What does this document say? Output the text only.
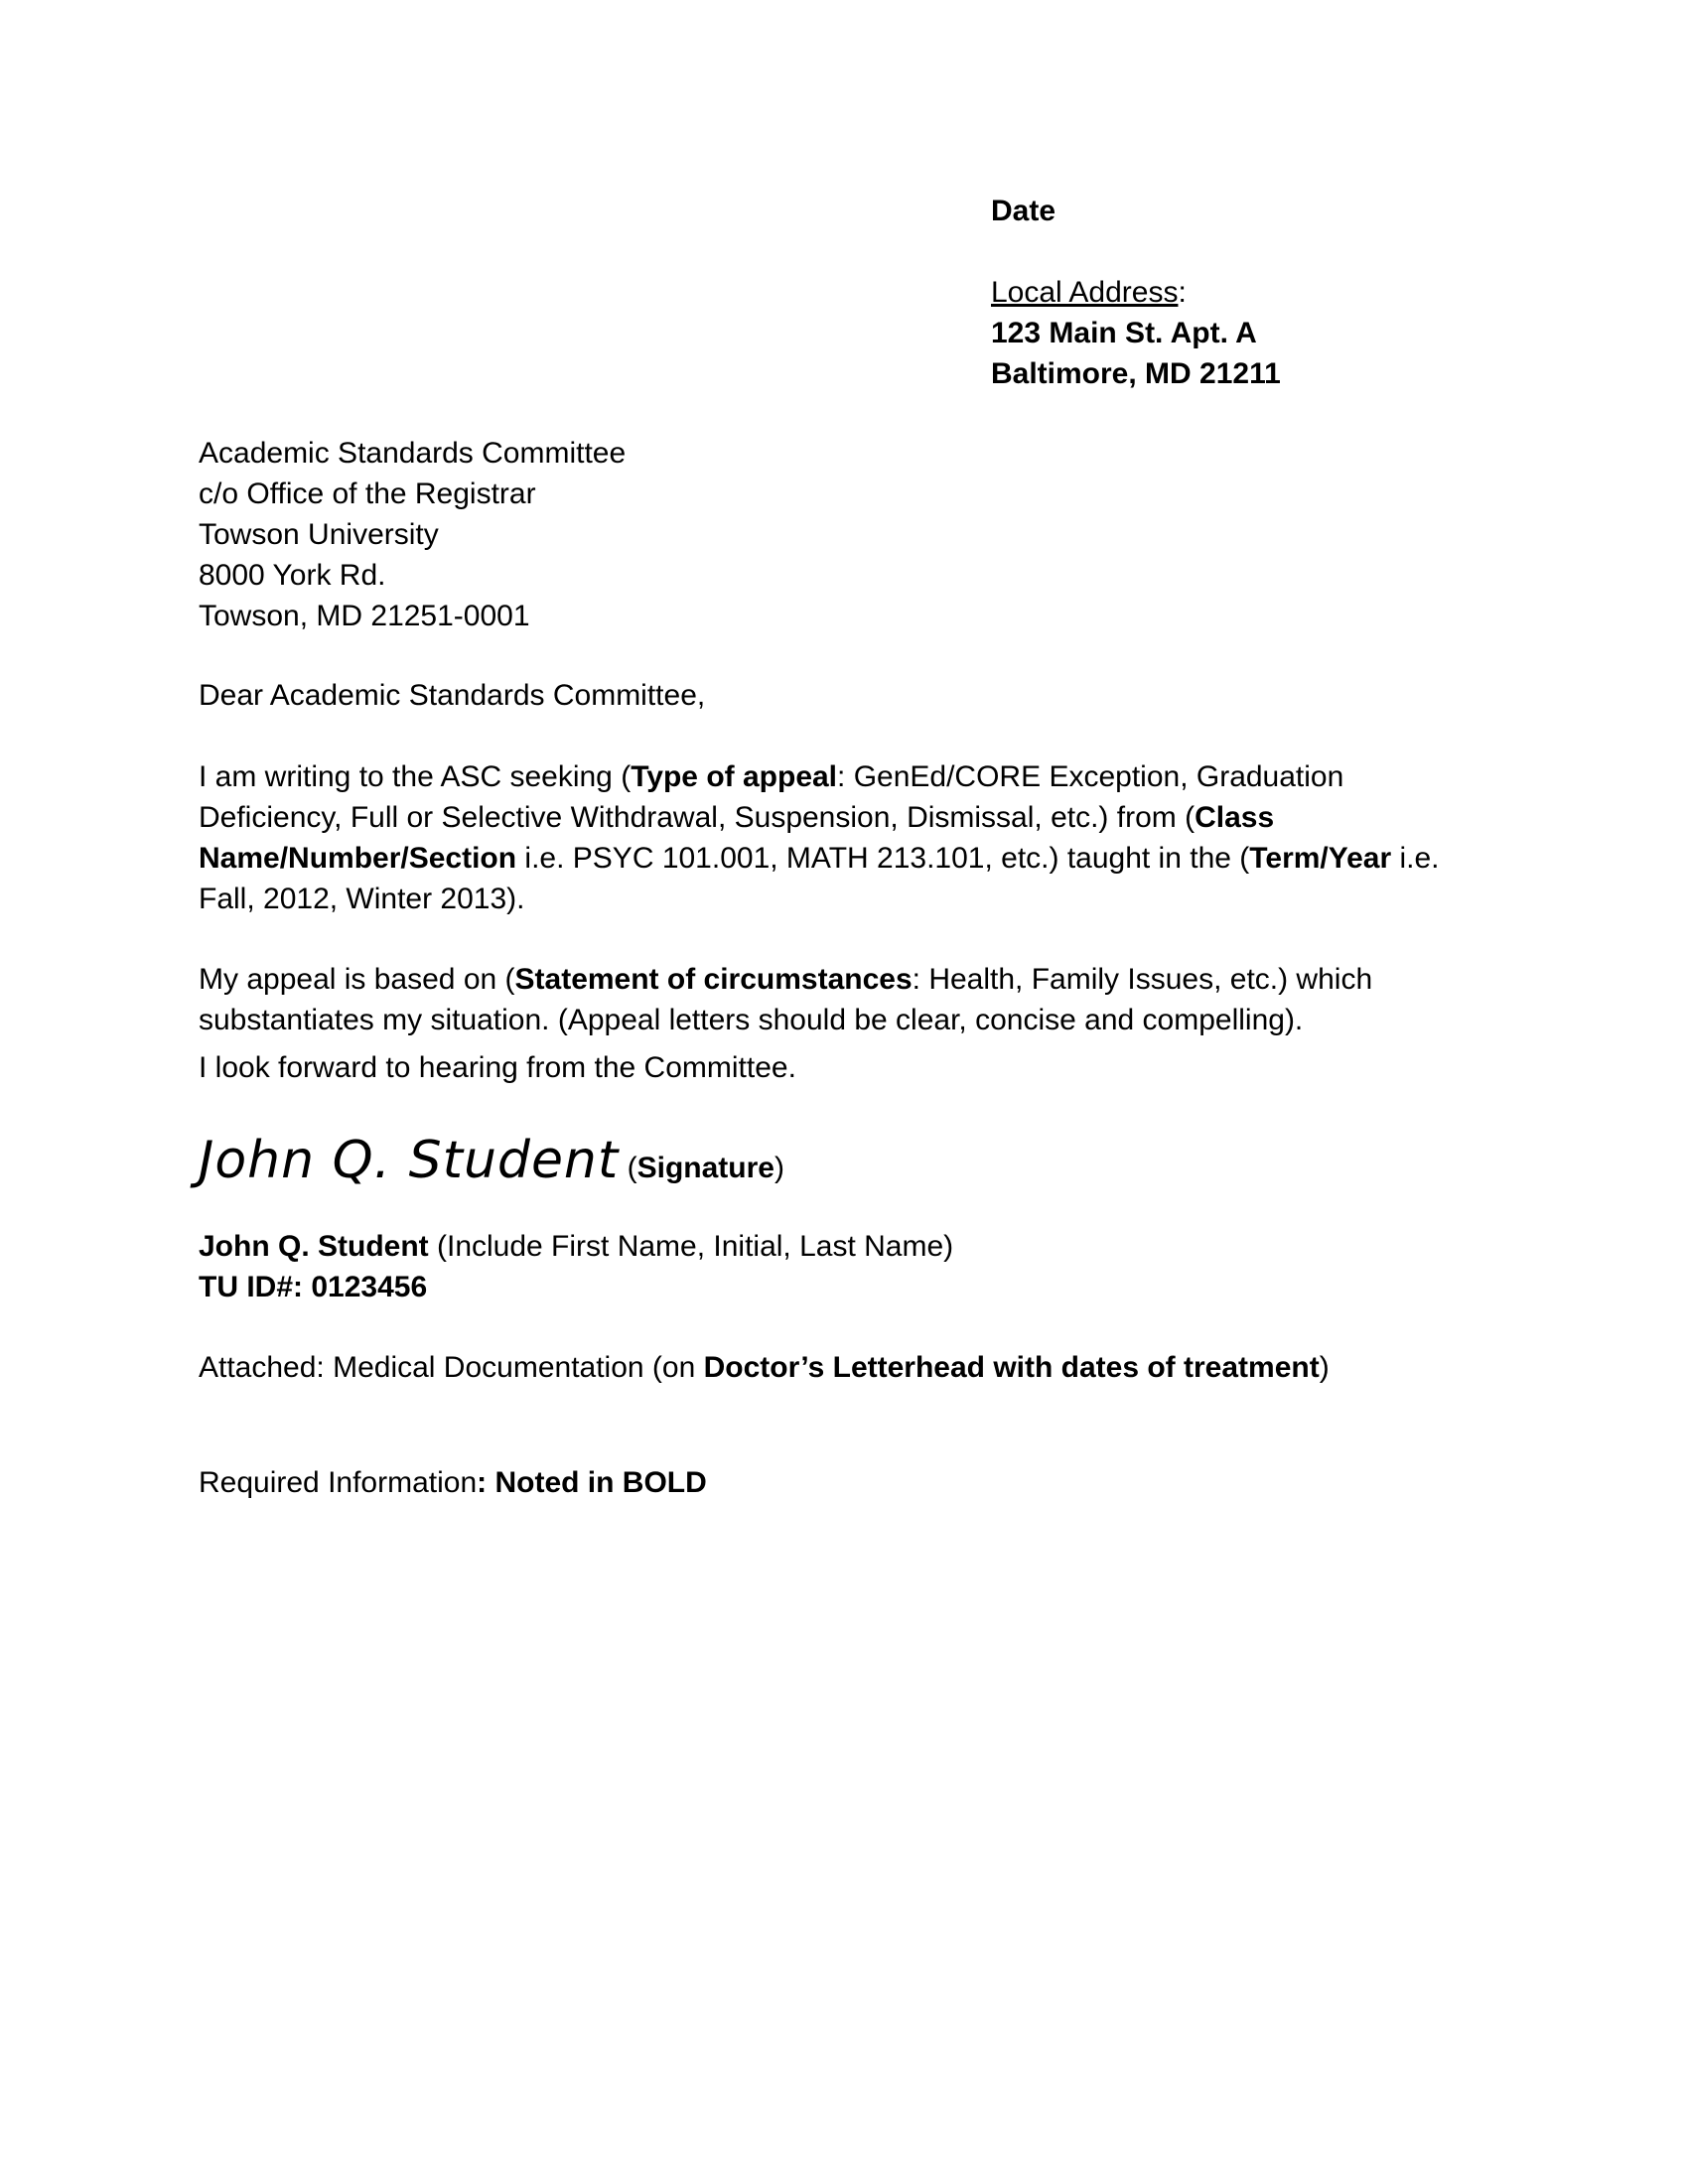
Date
Local Address:
123 Main St. Apt. A
Baltimore, MD 21211
Academic Standards Committee
c/o Office of the Registrar
Towson University
8000 York Rd.
Towson, MD 21251-0001
Dear Academic Standards Committee,

I am writing to the ASC seeking (Type of appeal: GenEd/CORE Exception, Graduation Deficiency, Full or Selective Withdrawal, Suspension, Dismissal, etc.) from (Class Name/Number/Section i.e. PSYC 101.001, MATH 213.101, etc.) taught in the (Term/Year i.e. Fall, 2012, Winter 2013).

My appeal is based on (Statement of circumstances: Health, Family Issues, etc.) which substantiates my situation. (Appeal letters should be clear, concise and compelling).

I look forward to hearing from the Committee.
John Q. Student (Signature)
John Q. Student (Include First Name, Initial, Last Name)
TU ID#: 0123456
Attached: Medical Documentation (on Doctor’s Letterhead with dates of treatment)
Required Information: Noted in BOLD
